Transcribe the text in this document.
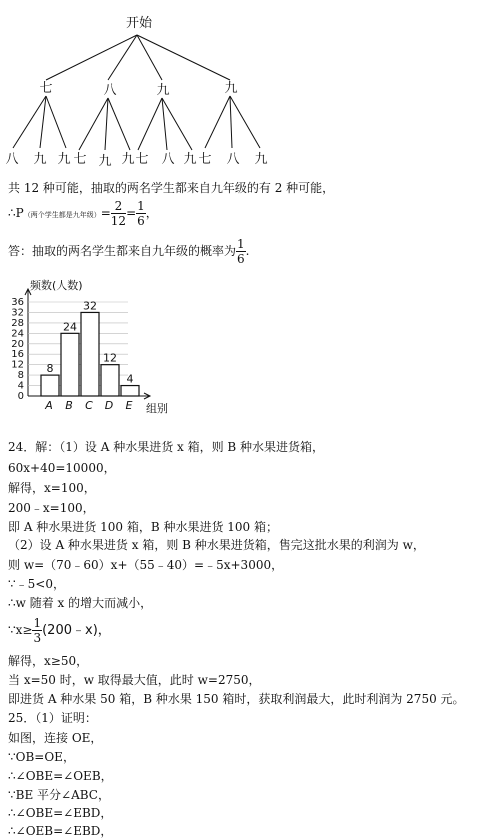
开始
七	八	九	九
八 九 九 七 九 九 七 八 九 七 八 九
共 12 种可能，抽取的两名学生都来自九年级的有 2 种可能，
∴P（两个学生都是九年级）= $\frac{2}{12} = \frac{1}{6}$ ，
答：抽取的两名学生都来自九年级的概率为 $\frac{1}{6}$ .
0
4
8
12
16
20
24
28
32
36
8
A
24
B
32
C
12
D
4
E
频数(人数)
组别
24．解：（1）设 A 种水果进货 x 箱，则 B 种水果进货箱，
60x+40=10000，
解得，x=100，
200﹣x=100，
即 A 种水果进货 100 箱，B 种水果进货 100 箱；
（2）设 A 种水果进货 x 箱，则 B 种水果进货箱，售完这批水果的利润为 w，
则 w=（70﹣60）x+（55﹣40）=﹣5x+3000，
∵﹣5<0，
∴w 随着 x 的增大而减小，
∵x≥ $\frac{1}{3}$ (200﹣x)，
解得，x≥50，
当 x=50 时，w 取得最大值，此时 w=2750，
即进货 A 种水果 50 箱，B 种水果 150 箱时，获取利润最大，此时利润为 2750 元。
25．（1）证明：
如图，连接 OE，
∵OB=OE，
∴∠OBE=∠OEB，
∵BE 平分∠ABC，
∴∠OBE=∠EBD，
∴∠OEB=∠EBD，
